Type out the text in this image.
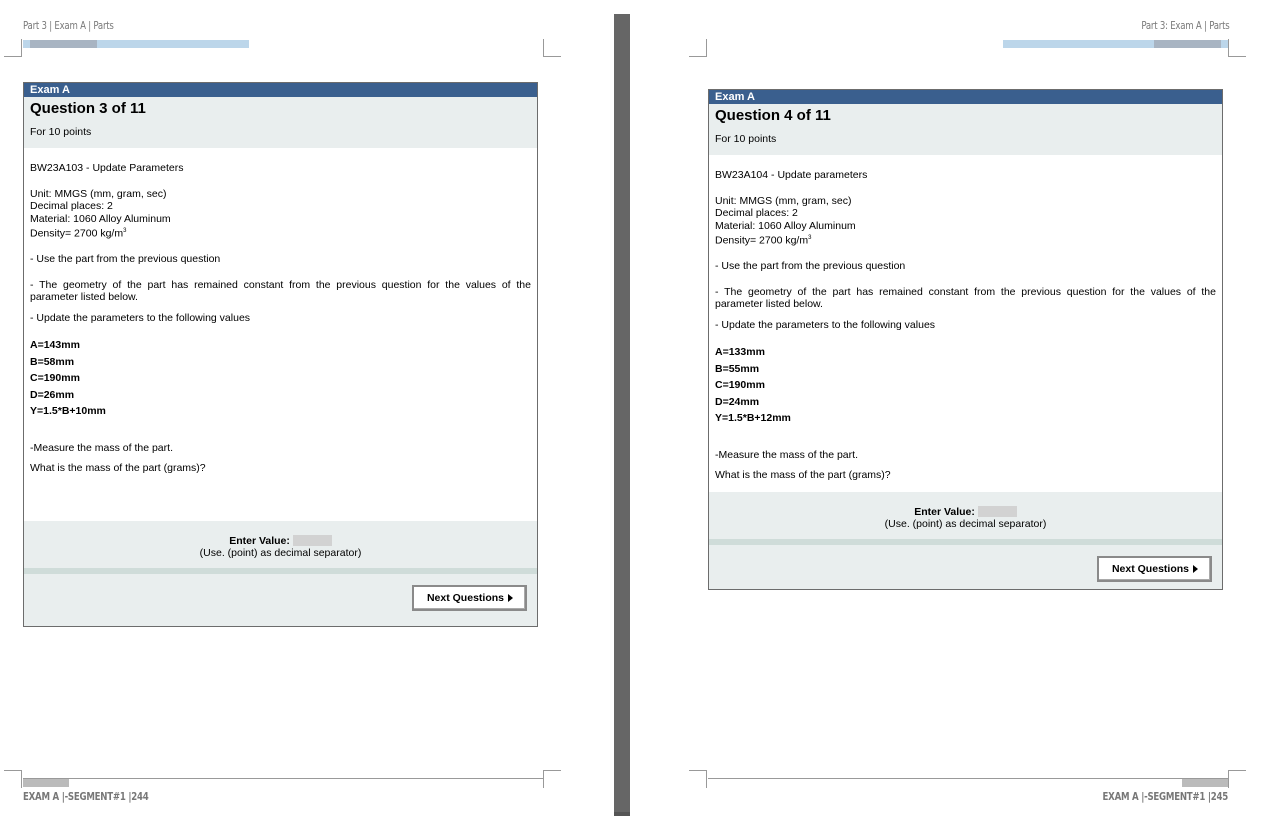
Part 3 | Exam A | Parts
Exam A
Question 3 of 11
For 10 points

BW23A103 - Update Parameters

Unit: MMGS (mm, gram, sec)

Decimal places: 2

Material: 1060 Alloy Aluminum

Density= 2700 $kg/m^3$

- Use the part from the previous question

- The geometry of the part has remained constant from the previous question for the values of the parameter listed below.

- Update the parameters to the following values

A=143mm

B=58mm

C=190mm

D=26mm

Y=1.5*B+10mm

-Measure the mass of the part.

What is the mass of the part (grams)?

Enter Value:
(Use. (point) as decimal separator)
Next Questions
EXAM A |-SEGMENT#1 |244
Part 3: Exam A | Parts
Exam A
Question 4 of 11
For 10 points

BW23A104 - Update parameters

Unit: MMGS (mm, gram, sec)

Decimal places: 2

Material: 1060 Alloy Aluminum

Density= 2700 $kg/m^3$

- Use the part from the previous question

- The geometry of the part has remained constant from the previous question for the values of the parameter listed below.

- Update the parameters to the following values

A=133mm

B=55mm

C=190mm

D=24mm

Y=1.5*B+12mm

-Measure the mass of the part.

What is the mass of the part (grams)?

Enter Value:
(Use. (point) as decimal separator)
Next Questions
EXAM A |-SEGMENT#1 |245
